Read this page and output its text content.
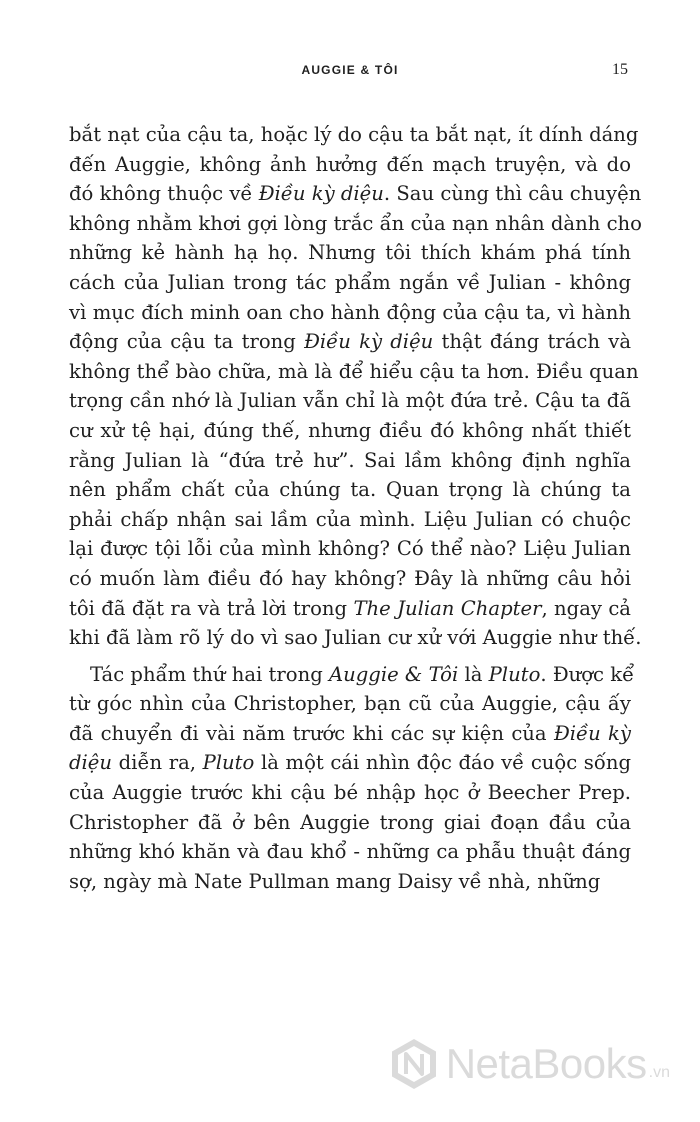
AUGGIE & TÔI	15
bắt nạt của cậu ta, hoặc lý do cậu ta bắt nạt, ít dính dáng
đến Auggie, không ảnh hưởng đến mạch truyện, và do
đó không thuộc về Điều kỳ diệu. Sau cùng thì câu chuyện
không nhằm khơi gợi lòng trắc ẩn của nạn nhân dành cho
những kẻ hành hạ họ. Nhưng tôi thích khám phá tính
cách của Julian trong tác phẩm ngắn về Julian - không
vì mục đích minh oan cho hành động của cậu ta, vì hành
động của cậu ta trong Điều kỳ diệu thật đáng trách và
không thể bào chữa, mà là để hiểu cậu ta hơn. Điều quan
trọng cần nhớ là Julian vẫn chỉ là một đứa trẻ. Cậu ta đã
cư xử tệ hại, đúng thế, nhưng điều đó không nhất thiết
rằng Julian là “đứa trẻ hư”. Sai lầm không định nghĩa
nên phẩm chất của chúng ta. Quan trọng là chúng ta
phải chấp nhận sai lầm của mình. Liệu Julian có chuộc
lại được tội lỗi của mình không? Có thể nào? Liệu Julian
có muốn làm điều đó hay không? Đây là những câu hỏi
tôi đã đặt ra và trả lời trong The Julian Chapter, ngay cả
khi đã làm rõ lý do vì sao Julian cư xử với Auggie như thế.
Tác phẩm thứ hai trong Auggie & Tôi là Pluto. Được kể
từ góc nhìn của Christopher, bạn cũ của Auggie, cậu ấy
đã chuyển đi vài năm trước khi các sự kiện của Điều kỳ
diệu diễn ra, Pluto là một cái nhìn độc đáo về cuộc sống
của Auggie trước khi cậu bé nhập học ở Beecher Prep.
Christopher đã ở bên Auggie trong giai đoạn đầu của
những khó khăn và đau khổ - những ca phẫu thuật đáng
sợ, ngày mà Nate Pullman mang Daisy về nhà, những
NetaBooks .vn
